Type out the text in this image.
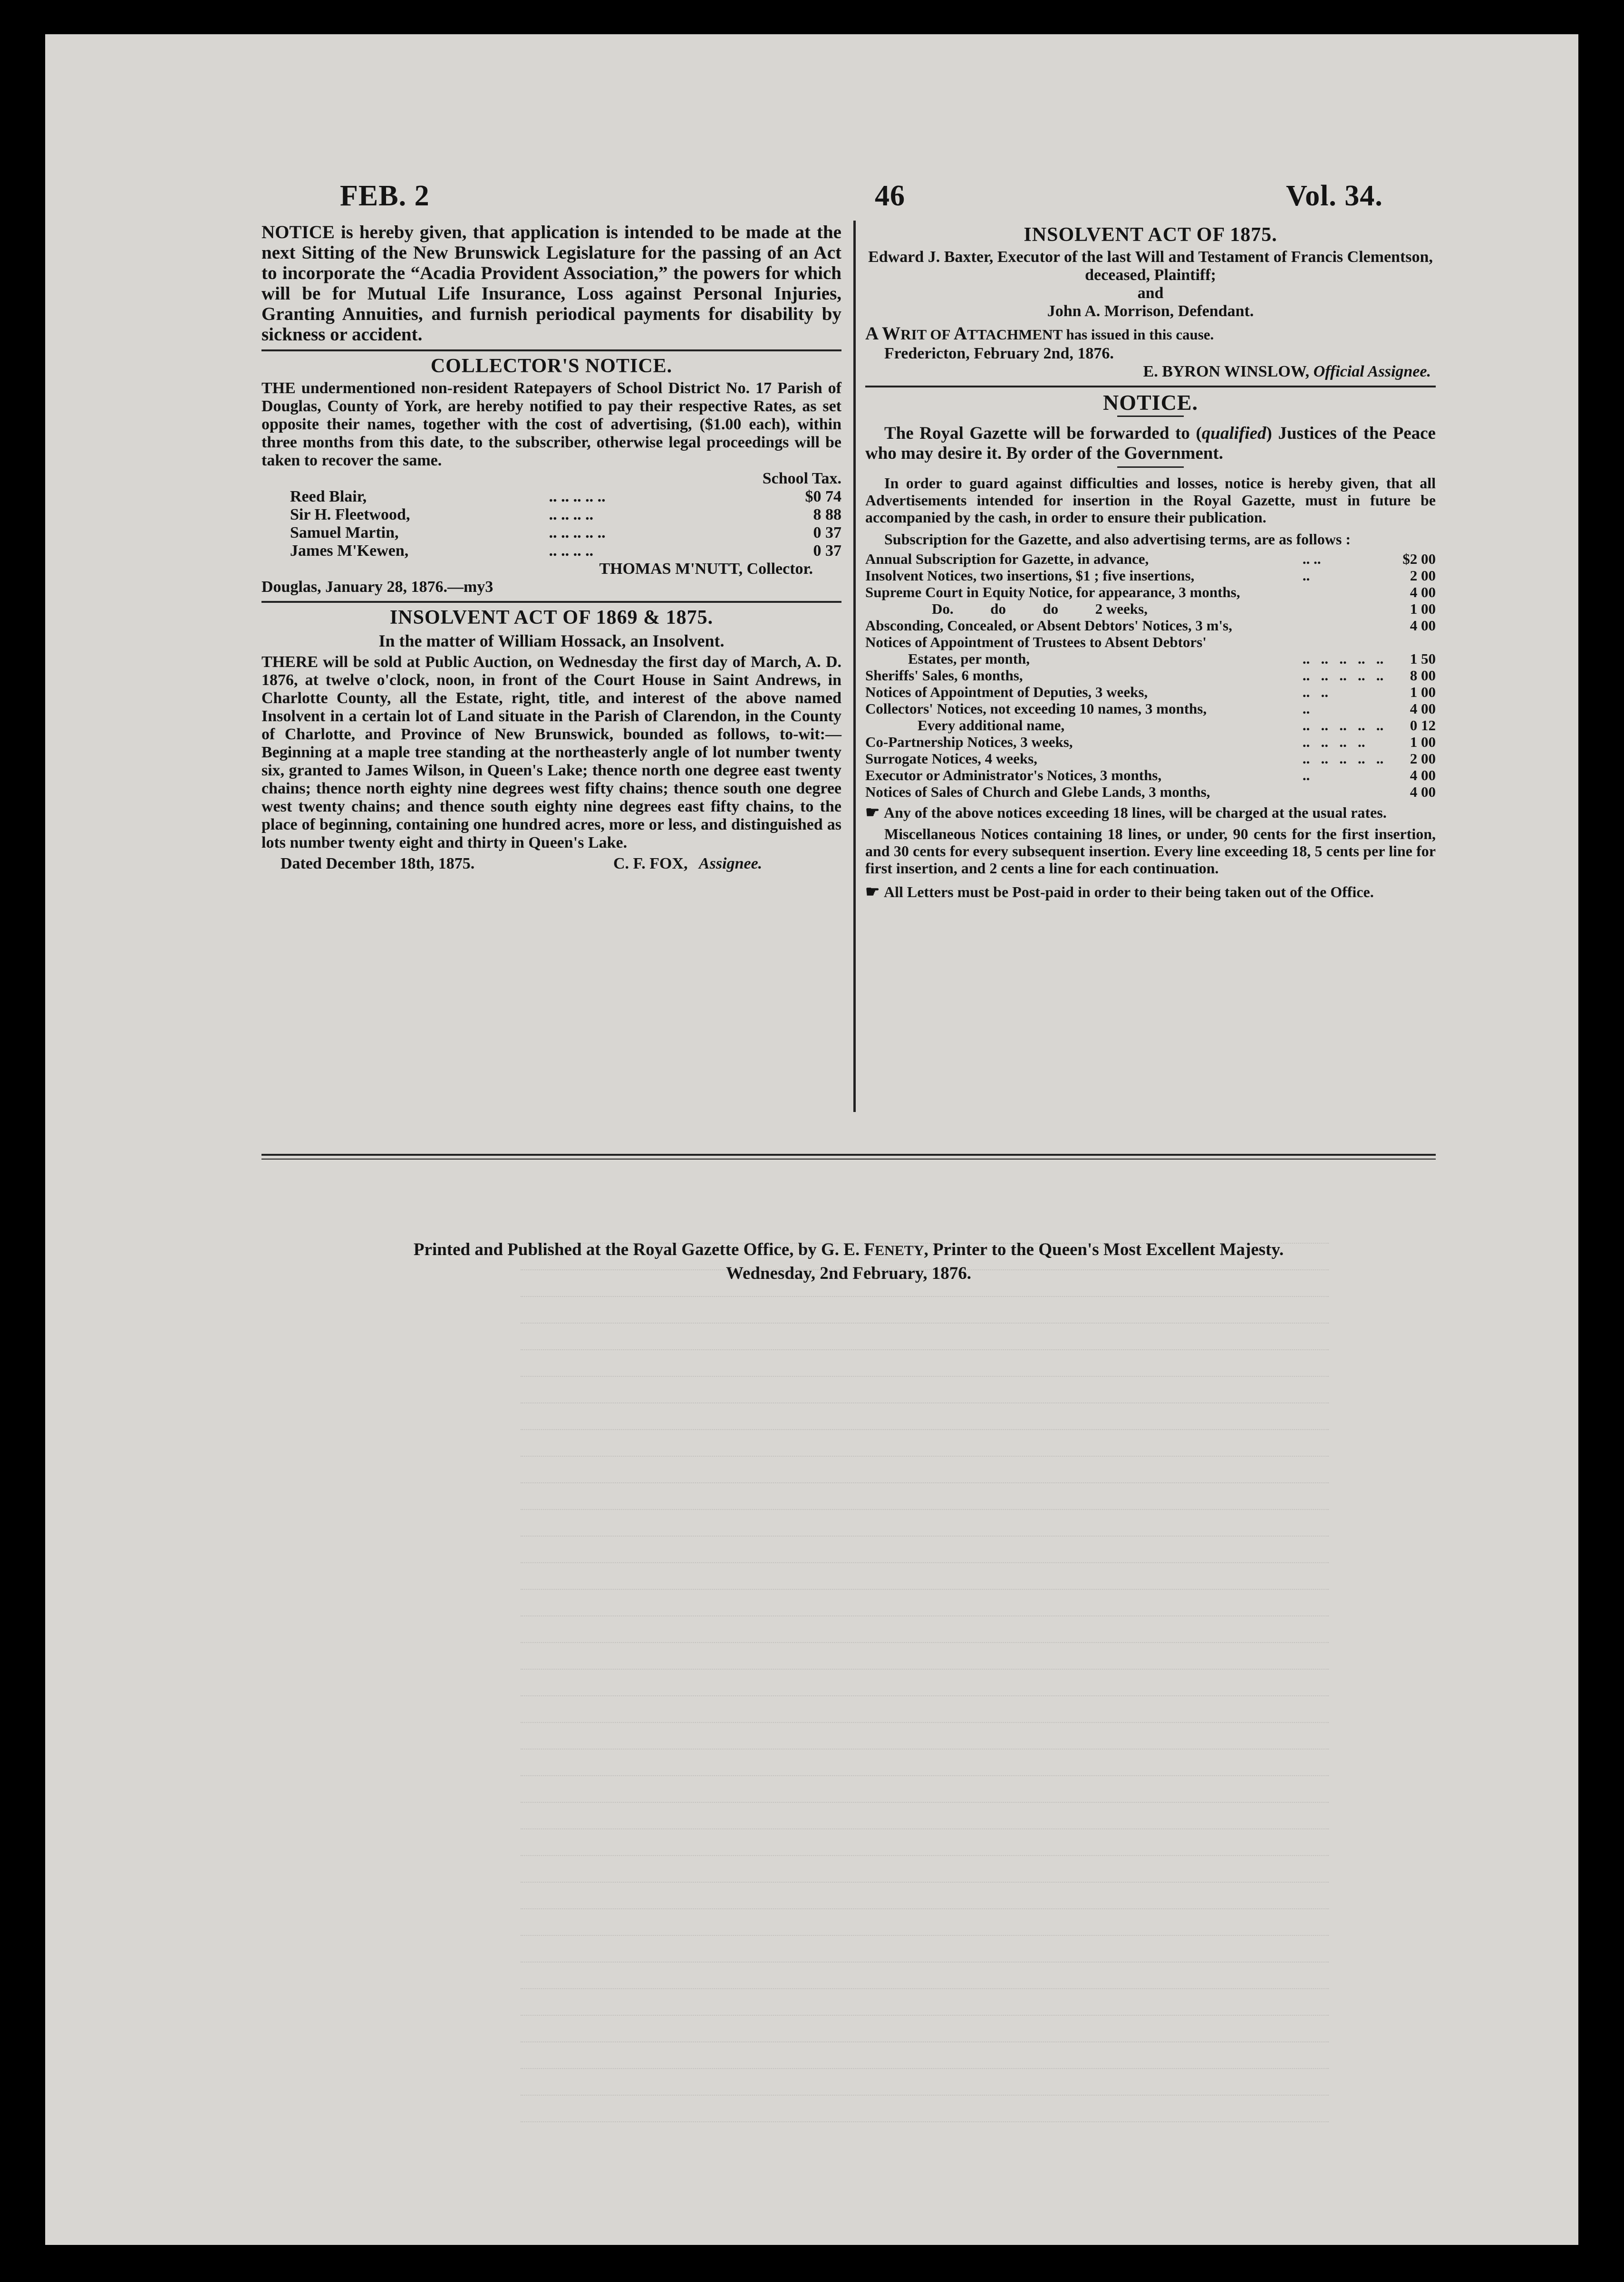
FEB. 2	46	Vol. 34.

NOTICE is hereby given, that application is intended to be made at the next Sitting of the New Brunswick Legislature for the passing of an Act to incorporate the “Acadia Provident Association,” the powers for which will be for Mutual Life Insurance, Loss against Personal Injuries, Granting Annuities, and furnish periodical payments for disability by sickness or accident.

COLLECTOR'S NOTICE.

THE undermentioned non-resident Ratepayers of School District No. 17 Parish of Douglas, County of York, are hereby notified to pay their respective Rates, as set opposite their names, together with the cost of advertising, ($1.00 each), within three months from this date, to the subscriber, otherwise legal proceedings will be taken to recover the same.

			School Tax.
	Reed Blair,	.. .. .. .. ..	$0 74
	Sir H. Fleetwood,	.. .. .. ..	8 88
	Samuel Martin,	.. .. .. .. ..	0 37
	James M'Kewen,	.. .. .. ..	0 37
THOMAS M'NUTT, Collector.
Douglas, January 28, 1876.—my3
INSOLVENT ACT OF 1869 & 1875.
In the matter of William Hossack, an Insolvent.

THERE will be sold at Public Auction, on Wednesday the first day of March, A. D. 1876, at twelve o'clock, noon, in front of the Court House in Saint Andrews, in Charlotte County, all the Estate, right, title, and interest of the above named Insolvent in a certain lot of Land situate in the Parish of Clarendon, in the County of Charlotte, and Province of New Brunswick, bounded as follows, to-wit:—Beginning at a maple tree standing at the northeasterly angle of lot number twenty six, granted to James Wilson, in Queen's Lake; thence north one degree east twenty chains; thence north eighty nine degrees west fifty chains; thence south one degree west twenty chains; and thence south eighty nine degrees east fifty chains, to the place of beginning, containing one hundred acres, more or less, and distinguished as lots number twenty eight and thirty in Queen's Lake.

Dated December 18th, 1875.	C. F. FOX, Assignee.
INSOLVENT ACT OF 1875.
Edward J. Baxter, Executor of the last Will and Testament of Francis Clementson, deceased, Plaintiff;
and
John A. Morrison, Defendant.
A WRIT OF ATTACHMENT has issued in this cause.
Fredericton, February 2nd, 1876.
E. BYRON WINSLOW, Official Assignee.
NOTICE.

The Royal Gazette will be forwarded to (qualified) Justices of the Peace who may desire it. By order of the Government.

In order to guard against difficulties and losses, notice is hereby given, that all Advertisements intended for insertion in the Royal Gazette, must in future be accompanied by the cash, in order to ensure their publication.

Subscription for the Gazette, and also advertising terms, are as follows :

Annual Subscription for Gazette, in advance,	.. ..	$2 00
Insolvent Notices, two insertions, $1 ; five insertions,	..	2 00
Supreme Court in Equity Notice, for appearance, 3 months,		4 00
Do.          do          do          2 weeks,		1 00
Absconding, Concealed, or Absent Debtors' Notices, 3 m's,		4 00
Notices of Appointment of Trustees to Absent Debtors'		
Estates, per month,	..   ..   ..   ..   ..	1 50
Sheriffs' Sales, 6 months,	..   ..   ..   ..   ..	8 00
Notices of Appointment of Deputies, 3 weeks,	..   ..	1 00
Collectors' Notices, not exceeding 10 names, 3 months,	..	4 00
Every additional name,	..   ..   ..   ..   ..	0 12
Co-Partnership Notices, 3 weeks,	..   ..   ..   ..	1 00
Surrogate Notices, 4 weeks,	..   ..   ..   ..   ..	2 00
Executor or Administrator's Notices, 3 months,	..	4 00
Notices of Sales of Church and Glebe Lands, 3 months,		4 00

☛ Any of the above notices exceeding 18 lines, will be charged at the usual rates.

Miscellaneous Notices containing 18 lines, or under, 90 cents for the first insertion, and 30 cents for every subsequent insertion. Every line exceeding 18, 5 cents per line for first insertion, and 2 cents a line for each continuation.

☛ All Letters must be Post-paid in order to their being taken out of the Office.

Printed and Published at the Royal Gazette Office, by G. E. FENETY, Printer to the Queen's Most Excellent Majesty.
Wednesday, 2nd February, 1876.
